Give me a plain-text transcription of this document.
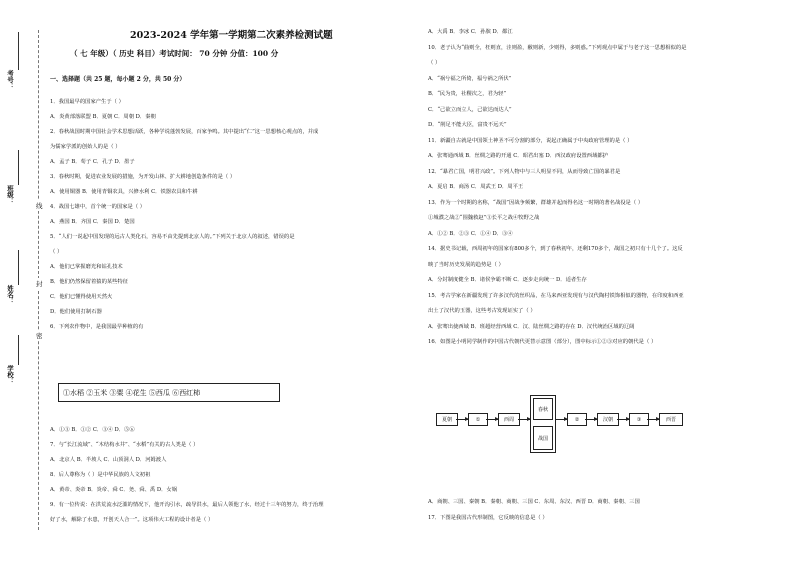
考号：
班级：
姓名：
学校：
线
封
密
2023-2024 学年第一学期第二次素养检测试题
（ 七 年级）（ 历史 科目）考试时间： 70 分钟 分值：100 分
一、选择题（共 25 题，每小题 2 分，共 50 分）
1．我国最早的国家产生于（ ）
A．炎黄部落联盟 B．夏朝 C．周朝 D．秦朝
2．春秋战国时期中国社会学术思想活跃，各种学说蓬勃发展，百家争鸣。其中提出“仁”这一思想核心观点的，并成
为儒家学派的创始人的是（ ）
A．孟子 B．荀子 C．孔子 D．墨子
3．春秋时期，促进农业发展的措施，为开发山林、扩大耕地创造条件的是（ ）
A．使用铜器 B．使用青铜农具，兴修水利 C．铁器农具和牛耕
4．战国七雄中，首个统一的国家是（ ）
A．燕国 B．齐国 C．秦国 D．楚国
5．“人们一说起中国发现的远古人类化石，容易不由先提到北京人的。”下列关于北京人的叙述，错误的是
（ ）
A．他们已掌握磨光和钻孔技术
B．他们仍然保留着猿的某些特征
C．他们已懂得使用天然火
D．他们使用打制石器
6．下列农作物中，是我国最早种植的有
①水稻 ②玉米 ③粟 ④花生 ⑤西瓜 ⑥西红柿
A．①③ B．①② C．③④ D．⑤⑥
7．与“长江流域”、“木结构水井”、“水稻”有关的古人类是（ ）
A．北京人 B．半坡人 C．山顶洞人 D．河姆渡人
8．后人尊称为（ ）是中华民族的人文初祖
A．黄帝、炎帝 B．炎帝、舜 C．尧、舜、禹 D．女娲
9．有一位传说：在洪荒流水泛滥的情况下，他开沟引水，疏导洪水，最后人领他了水，经过十三年的努力，终于治理
好了水，解除了水患，开创天人合一”。这项伟大工程的设计者是（ ）
A．大禹 B．李冰 C．孙膑 D．都江
10．老子认为“曲则全，枉则直，洼则盈，敝则新，少则得，多则惑。”下列观点中属于与老子这一思想相似的是
（ ）
A．“祸兮福之所倚，福兮祸之所伏”
B．“民为贵，社稷次之，君为轻”
C．“己欲立而立人，己欲达而达人”
D．“削足不能大臣，富贵不远天”
11．新疆自古就是中国领土神圣不可分割的部分，说起正确属于中央政府管理的是（ ）
A．张骞通西域 B．丝绸之路的开通 C．昭君出塞 D．西汉政府设置西域都护
12．“暴君亡国，明君兴政”。下列人物中与三人明显不同，从而导致亡国的暴君是
A．夏启 B．商汤 C．周武王 D．周平王
13．作为一个时期的名称，“战国”因战争频繁，群雄并起而得名这一时期的著名战役是（ ）
①城濮之战②“围魏救赵”③长平之战④牧野之战
A．①② B．②③ C．①④ D．③④
14．据史书记载，西周初年的国家有800多个，到了春秋初年，还剩170多个，战国之初只有十几个了。这反
映了当时历史发展的趋势是（ ）
A．分封制度健全 B．诸侯争霸不断 C．逐步走向统一 D．适者生存
15．考古学家在新疆发现了许多汉代的丝织品，在马来西亚发现有与汉代陶村铁饰相似的器物，在印度和西亚
出土了汉代的玉器，这些考古发现证实了（ ）
A．张骞出使西域 B．班超经营西域 C．汉、陆丝绸之路的存在 D．汉代统治区域的辽阔
16．如图是小明同学制作的中国古代朝代更替示意图（部分），图中标示①②③对应的朝代是（ ）
夏朝	①	西周
春秋
战国
②	汉朝	③	西晋
A．商朝、三国、秦朝 B．秦朝、商朝、三国 C．东周、东汉、西晋 D．商朝、秦朝、三国
17．下图是我国古代形制图，它反映的信息是（ ）
